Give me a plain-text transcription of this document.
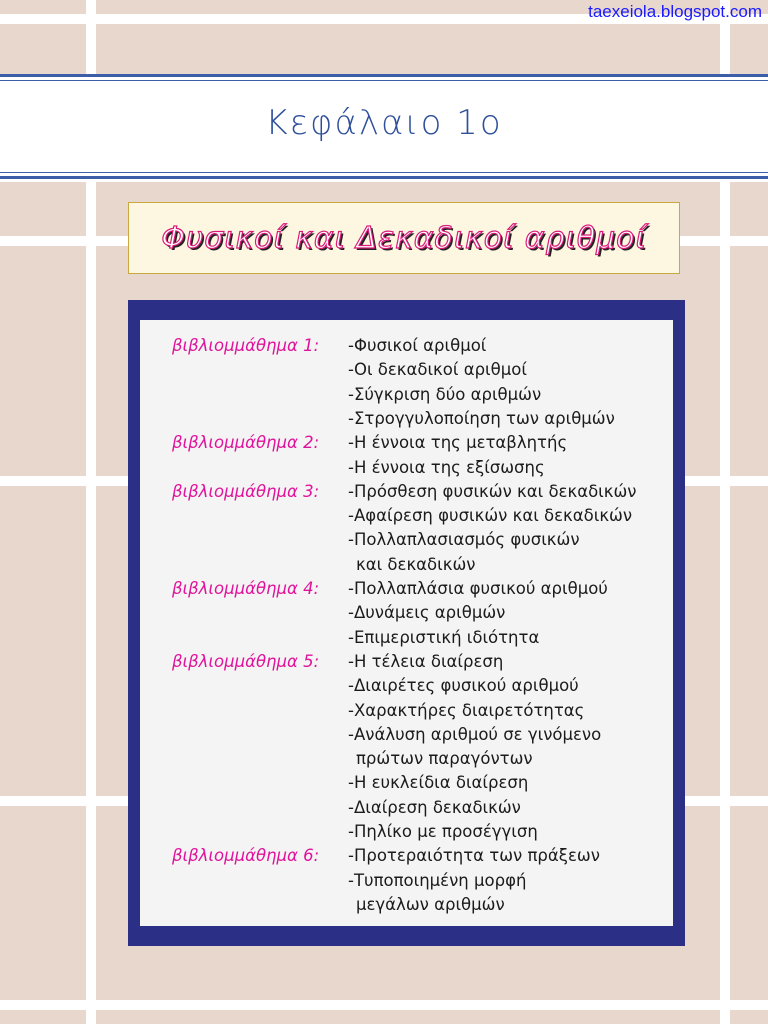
taexeiola.blogspot.com
Κεφάλαιο 1ο
Φυσικοί και Δεκαδικοί αριθμοί
βιβλιομμάθημα 1: -Φυσικοί αριθμοί
-Οι δεκαδικοί αριθμοί
-Σύγκριση δύο αριθμών
-Στρογγυλοποίηση των αριθμών
βιβλιομμάθημα 2: -Η έννοια της μεταβλητής
-Η έννοια της εξίσωσης
βιβλιομμάθημα 3: -Πρόσθεση φυσικών και δεκαδικών
-Αφαίρεση φυσικών και δεκαδικών
-Πολλαπλασιασμός φυσικών
και δεκαδικών
βιβλιομμάθημα 4: -Πολλαπλάσια φυσικού αριθμού
-Δυνάμεις αριθμών
-Επιμεριστική ιδιότητα
βιβλιομμάθημα 5: -Η τέλεια διαίρεση
-Διαιρέτες φυσικού αριθμού
-Χαρακτήρες διαιρετότητας
-Ανάλυση αριθμού σε γινόμενο
πρώτων παραγόντων
-Η ευκλείδια διαίρεση
-Διαίρεση δεκαδικών
-Πηλίκο με προσέγγιση
βιβλιομμάθημα 6: -Προτεραιότητα των πράξεων
-Τυποποιημένη μορφή
μεγάλων αριθμών
